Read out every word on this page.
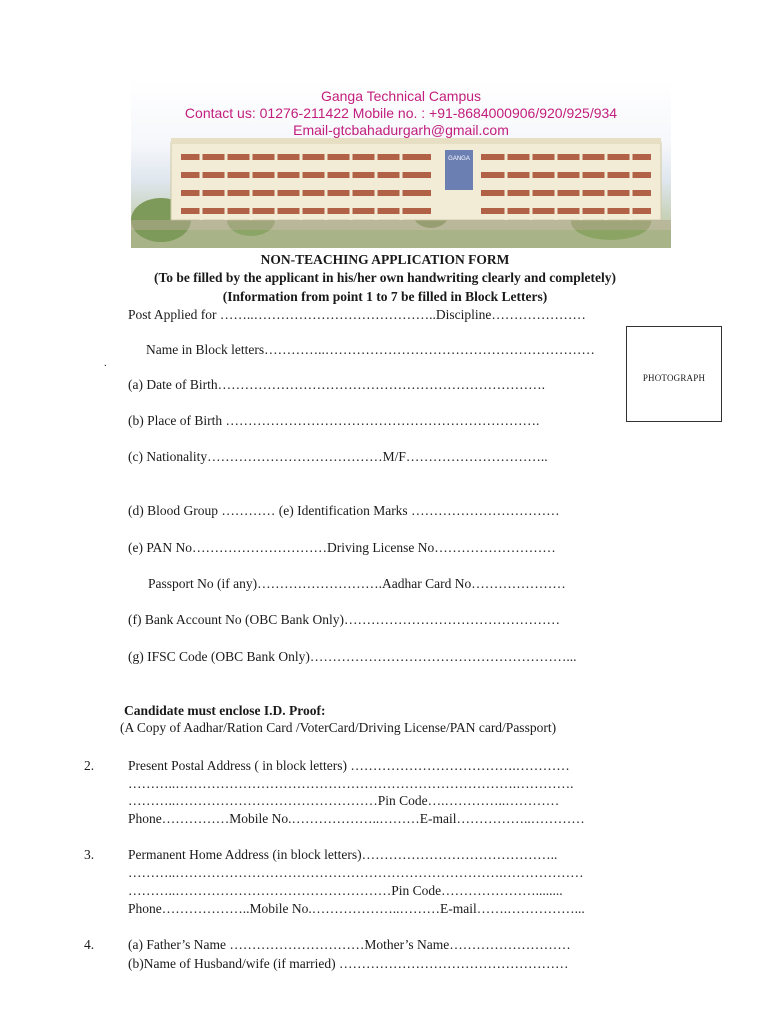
GANGA
Ganga Technical Campus
Contact us: 01276-211422 Mobile no. : +91-8684000906/920/925/934
Email-gtcbahadurgarh@gmail.com
NON-TEACHING APPLICATION FORM
(To be filled by the applicant in his/her own handwriting clearly and completely)
(Information from point 1 to 7 be filled in Block Letters)
Post Applied for ……..…………………………………..Discipline…………………
Name in Block letters…………..……………………………………………………
.
PHOTOGRAPH
(a) Date of Birth……………………………………………………………….
(b) Place of Birth …………………………………………………………….
(c) Nationality…………………………………M/F…………………………..
(d) Blood Group ………… (e) Identification Marks ……………………………
(e) PAN No…………………………Driving License No………………………
Passport No (if any)……………………….Aadhar Card No…………………
(f) Bank Account No (OBC Bank Only)…………………………………………
(g) IFSC Code (OBC Bank Only)…………………………………………………...
Candidate must enclose I.D. Proof:
(A Copy of Aadhar/Ration Card /VoterCard/Driving License/PAN card/Passport)
2.	Present Postal Address ( in block letters) ……………………………….…………
………..………………………………………………………………….………….
………..………………………………………Pin Code….…………..…………
Phone……………Mobile No.………………..………E-mail……………..…………
3.	Permanent Home Address (in block letters)……………………………………..
………..……………………………………………………………….………………
………..…………………………………………Pin Code…………………........
Phone………………..Mobile No.………………..………E-mail…….……………...
4.	(a) Father’s Name …………………………Mother’s Name………………………
(b)Name of Husband/wife (if married) ……………………………………………
